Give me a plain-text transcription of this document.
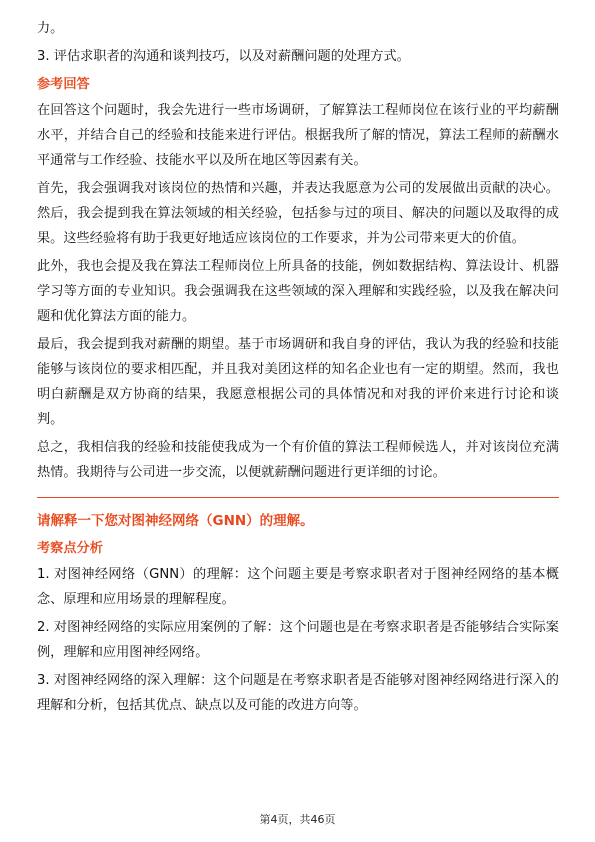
力。

3. 评估求职者的沟通和谈判技巧，以及对薪酬问题的处理方式。

参考回答

在回答这个问题时，我会先进行一些市场调研，了解算法工程师岗位在该行业的平均薪酬水平，并结合自己的经验和技能来进行评估。根据我所了解的情况，算法工程师的薪酬水平通常与工作经验、技能水平以及所在地区等因素有关。

首先，我会强调我对该岗位的热情和兴趣，并表达我愿意为公司的发展做出贡献的决心。然后，我会提到我在算法领域的相关经验，包括参与过的项目、解决的问题以及取得的成果。这些经验将有助于我更好地适应该岗位的工作要求，并为公司带来更大的价值。

此外，我也会提及我在算法工程师岗位上所具备的技能，例如数据结构、算法设计、机器学习等方面的专业知识。我会强调我在这些领域的深入理解和实践经验，以及我在解决问题和优化算法方面的能力。

最后，我会提到我对薪酬的期望。基于市场调研和我自身的评估，我认为我的经验和技能能够与该岗位的要求相匹配，并且我对美团这样的知名企业也有一定的期望。然而，我也明白薪酬是双方协商的结果，我愿意根据公司的具体情况和对我的评价来进行讨论和谈判。

总之，我相信我的经验和技能使我成为一个有价值的算法工程师候选人，并对该岗位充满热情。我期待与公司进一步交流，以便就薪酬问题进行更详细的讨论。

请解释一下您对图神经网络（GNN）的理解。
考察点分析

1. 对图神经网络（GNN）的理解：这个问题主要是考察求职者对于图神经网络的基本概念、原理和应用场景的理解程度。

2. 对图神经网络的实际应用案例的了解：这个问题也是在考察求职者是否能够结合实际案例，理解和应用图神经网络。

3. 对图神经网络的深入理解：这个问题是在考察求职者是否能够对图神经网络进行深入的理解和分析，包括其优点、缺点以及可能的改进方向等。

第4页，共46页
